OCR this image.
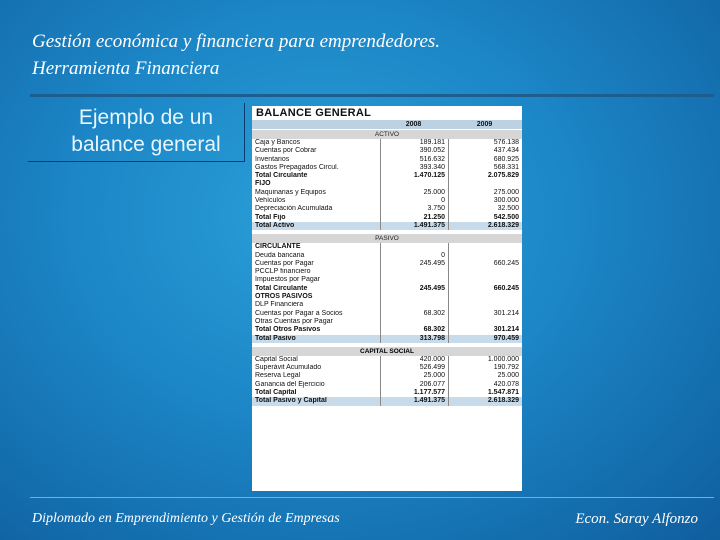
Gestión económica y financiera para emprendedores.
Herramienta Financiera
Ejemplo de un
balance general
BALANCE GENERAL
2008	2009
ACTIVO
Caja y Bancos	189.181	576.138
Cuentas por Cobrar	390.052	437.434
Inventarios	516.632	680.925
Gastos Prepagados Circul.	393.340	568.331
Total Circulante	1.470.125	2.075.829
FIJO
Maquinarias y Equipos	25.000	275.000
Vehículos	0	300.000
Depreciación Acumulada	3.750	32.500
Total Fijo	21.250	542.500
Total Activo	1.491.375	2.618.329
PASIVO
CIRCULANTE
Deuda bancaria	0
Cuentas por Pagar	245.495	660.245
PCCLP financiero
Impuestos por Pagar
Total Circulante	245.495	660.245
OTROS PASIVOS
DLP Financiera
Cuentas por Pagar a Socios	68.302	301.214
Otras Cuentas por Pagar
Total Otros Pasivos	68.302	301.214
Total Pasivo	313.798	970.459
CAPITAL SOCIAL
Capital Social	420.000	1.000.000
Superávit Acumulado	526.499	190.792
Reserva Legal	25.000	25.000
Ganancia del Ejercicio	206.077	420.078
Total Capital	1.177.577	1.547.871
Total Pasivo y Capital	1.491.375	2.618.329
Diplomado en Emprendimiento y Gestión de Empresas	Econ. Saray Alfonzo
